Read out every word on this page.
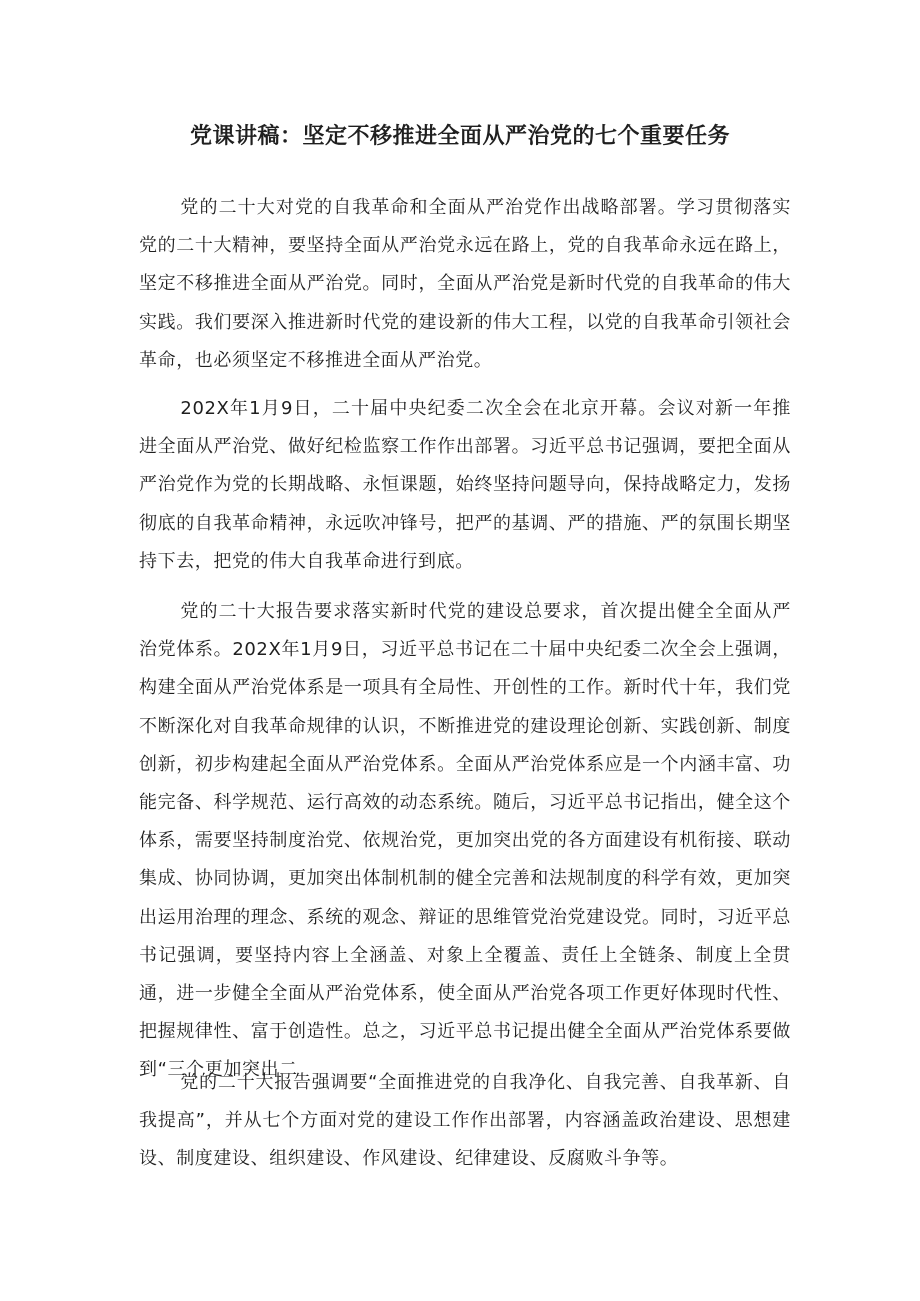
党课讲稿：坚定不移推进全面从严治党的七个重要任务

党的二十大对党的自我革命和全面从严治党作出战略部署。学习贯彻落实党的二十大精神，要坚持全面从严治党永远在路上，党的自我革命永远在路上，坚定不移推进全面从严治党。同时，全面从严治党是新时代党的自我革命的伟大实践。我们要深入推进新时代党的建设新的伟大工程，以党的自我革命引领社会革命，也必须坚定不移推进全面从严治党。

202X年1月9日，二十届中央纪委二次全会在北京开幕。会议对新一年推进全面从严治党、做好纪检监察工作作出部署。习近平总书记强调，要把全面从严治党作为党的长期战略、永恒课题，始终坚持问题导向，保持战略定力，发扬彻底的自我革命精神，永远吹冲锋号，把严的基调、严的措施、严的氛围长期坚持下去，把党的伟大自我革命进行到底。

党的二十大报告要求落实新时代党的建设总要求，首次提出健全全面从严治党体系。202X年1月9日，习近平总书记在二十届中央纪委二次全会上强调，构建全面从严治党体系是一项具有全局性、开创性的工作。新时代十年，我们党不断深化对自我革命规律的认识，不断推进党的建设理论创新、实践创新、制度创新，初步构建起全面从严治党体系。全面从严治党体系应是一个内涵丰富、功能完备、科学规范、运行高效的动态系统。随后，习近平总书记指出，健全这个体系，需要坚持制度治党、依规治党，更加突出党的各方面建设有机衔接、联动集成、协同协调，更加突出体制机制的健全完善和法规制度的科学有效，更加突出运用治理的理念、系统的观念、辩证的思维管党治党建设党。同时，习近平总书记强调，要坚持内容上全涵盖、对象上全覆盖、责任上全链条、制度上全贯通，进一步健全全面从严治党体系，使全面从严治党各项工作更好体现时代性、把握规律性、富于创造性。总之，习近平总书记提出健全全面从严治党体系要做到“三个更加突出二

党的二十大报告强调要“全面推进党的自我净化、自我完善、自我革新、自我提高”，并从七个方面对党的建设工作作出部署，内容涵盖政治建设、思想建设、制度建设、组织建设、作风建设、纪律建设、反腐败斗争等。
